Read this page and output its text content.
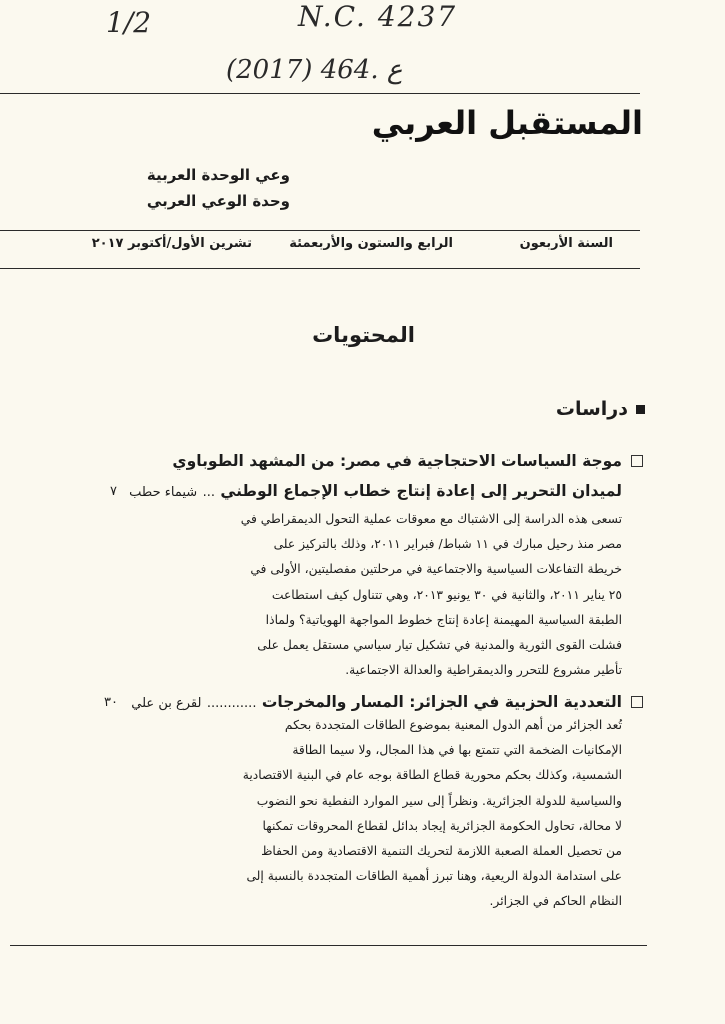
1/2	N.C. 4237
(2017) 464. ع
المستقبل العربي
وعي الوحدة العربية
وحدة الوعي العربي
السنة الأربعون
الرابع والستون والأربعمئة
تشرين الأول/أكتوبر ٢٠١٧
المحتويات
دراسات
موجة السياسات الاحتجاجية في مصر: من المشهد الطوباوي
لميدان التحرير إلى إعادة إنتاج خطاب الإجماع الوطني ... شيماء حطب
٧
تسعى هذه الدراسة إلى الاشتباك مع معوقات عملية التحول الديمقراطي في
مصر منذ رحيل مبارك في ١١ شباط/ فبراير ٢٠١١، وذلك بالتركيز على
خريطة التفاعلات السياسية والاجتماعية في مرحلتين مفصليتين، الأولى في
٢٥ يناير ٢٠١١، والثانية في ٣٠ يونيو ٢٠١٣، وهي تتناول كيف استطاعت
الطبقة السياسية المهيمنة إعادة إنتاج خطوط المواجهة الهوياتية؟ ولماذا
فشلت القوى الثورية والمدنية في تشكيل تيار سياسي مستقل يعمل على
تأطير مشروع للتحرر والديمقراطية والعدالة الاجتماعية.
التعددية الحزبية في الجزائر: المسار والمخرجات ............ لقرع بن علي
٣٠
تُعد الجزائر من أهم الدول المعنية بموضوع الطاقات المتجددة بحكم
الإمكانيات الضخمة التي تتمتع بها في هذا المجال، ولا سيما الطاقة
الشمسية، وكذلك بحكم محورية قطاع الطاقة بوجه عام في البنية الاقتصادية
والسياسية للدولة الجزائرية. ونظراً إلى سير الموارد النفطية نحو النضوب
لا محالة، تحاول الحكومة الجزائرية إيجاد بدائل لقطاع المحروقات تمكنها
من تحصيل العملة الصعبة اللازمة لتحريك التنمية الاقتصادية ومن الحفاظ
على استدامة الدولة الريعية، وهنا تبرز أهمية الطاقات المتجددة بالنسبة إلى
النظام الحاكم في الجزائر.
